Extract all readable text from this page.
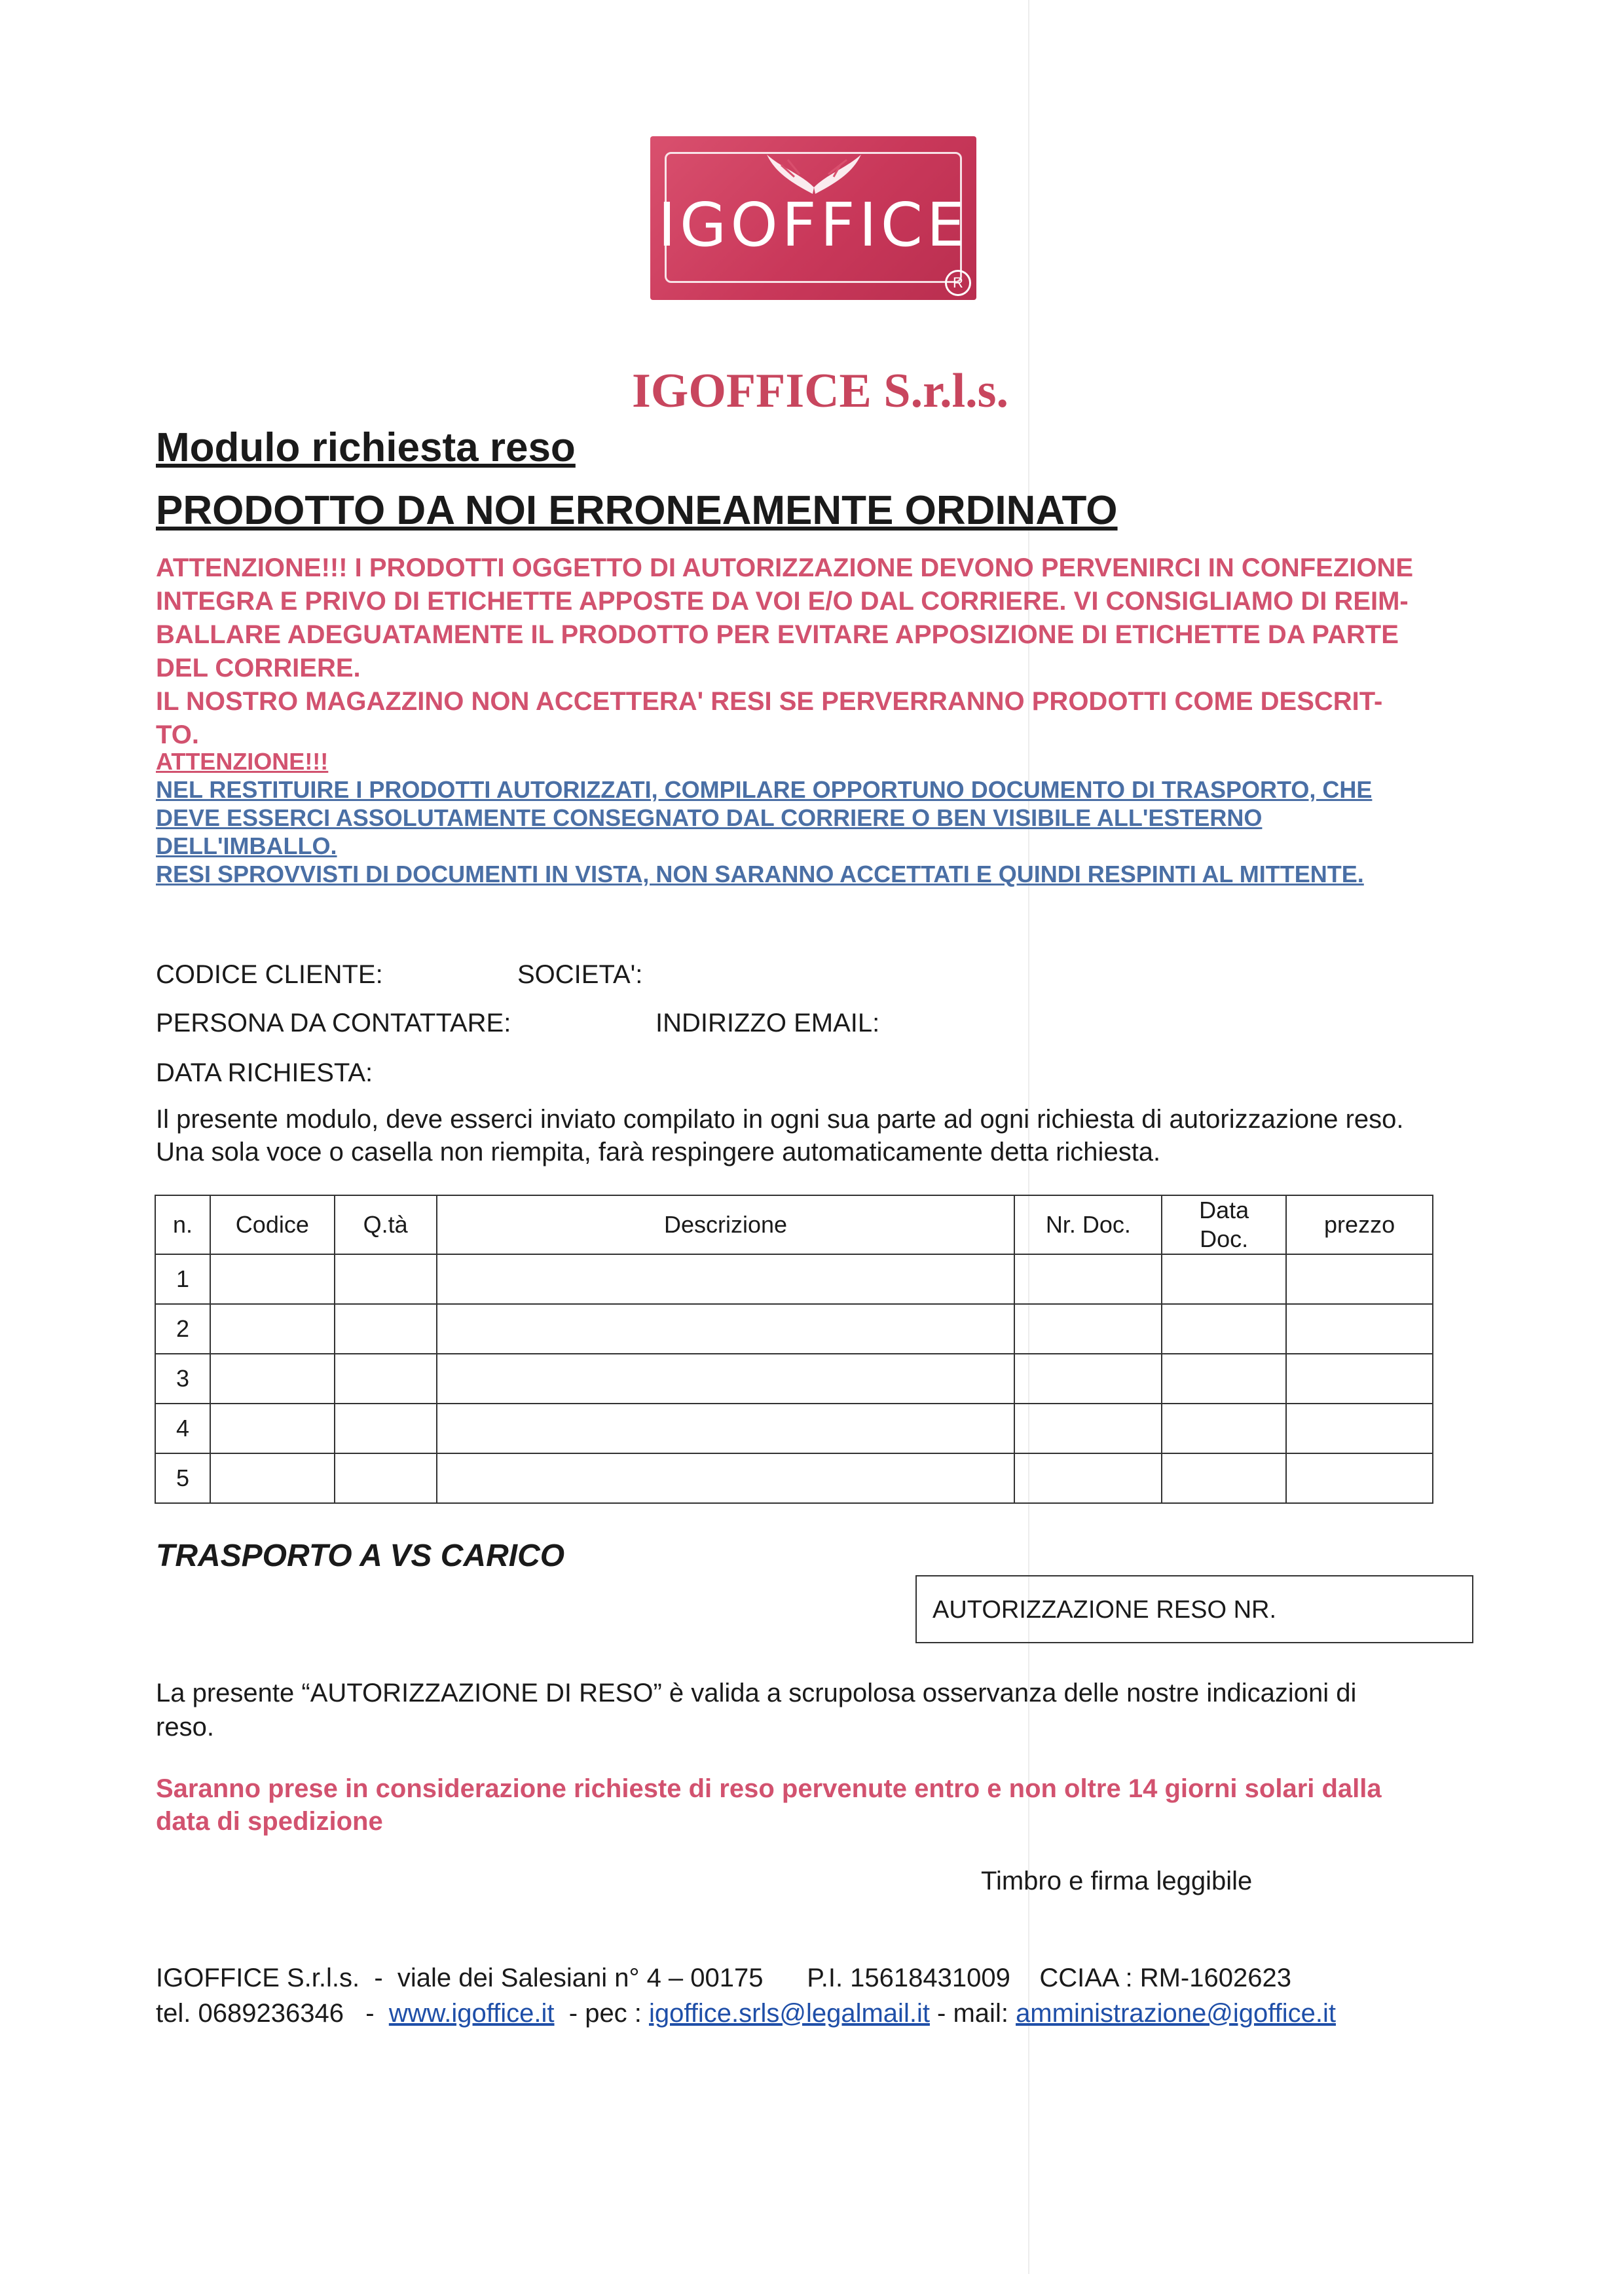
IGOFFICE
R
IGOFFICE S.r.l.s.
Modulo richiesta reso
PRODOTTO DA NOI ERRONEAMENTE ORDINATO
ATTENZIONE!!! I PRODOTTI OGGETTO DI AUTORIZZAZIONE DEVONO PERVENIRCI IN CONFEZIONE
INTEGRA E PRIVO DI ETICHETTE APPOSTE DA VOI E/O DAL CORRIERE. VI CONSIGLIAMO DI REIM-
BALLARE ADEGUATAMENTE IL PRODOTTO PER EVITARE APPOSIZIONE DI ETICHETTE DA PARTE
DEL CORRIERE.
IL NOSTRO MAGAZZINO NON ACCETTERA' RESI SE PERVERRANNO PRODOTTI COME DESCRIT-
TO.
ATTENZIONE!!!
NEL RESTITUIRE I PRODOTTI AUTORIZZATI, COMPILARE OPPORTUNO DOCUMENTO DI TRASPORTO, CHE
DEVE ESSERCI ASSOLUTAMENTE CONSEGNATO DAL CORRIERE O BEN VISIBILE ALL'ESTERNO
DELL'IMBALLO.
RESI SPROVVISTI DI DOCUMENTI IN VISTA, NON SARANNO ACCETTATI E QUINDI RESPINTI AL MITTENTE.
CODICE CLIENTE:	SOCIETA':
PERSONA DA CONTATTARE:	INDIRIZZO EMAIL:
DATA RICHIESTA:
Il presente modulo, deve esserci inviato compilato in ogni sua parte ad ogni richiesta di autorizzazione reso.
Una sola voce o casella non riempita, farà respingere automaticamente detta richiesta.
n.	Codice	Q.tà	Descrizione	Nr. Doc.	Data Doc.	prezzo
1						
2						
3						
4						
5						
TRASPORTO A VS CARICO
AUTORIZZAZIONE RESO NR.
La presente “AUTORIZZAZIONE DI RESO” è valida a scrupolosa osservanza delle nostre indicazioni di
reso.
Saranno prese in considerazione richieste di reso pervenute entro e non oltre 14 giorni solari dalla
data di spedizione
Timbro e firma leggibile
IGOFFICE S.r.l.s.  -  viale dei Salesiani n° 4 – 00175      P.I. 15618431009    CCIAA : RM-1602623
tel. 0689236346   -  www.igoffice.it  - pec : igoffice.srls@legalmail.it - mail: amministrazione@igoffice.it
